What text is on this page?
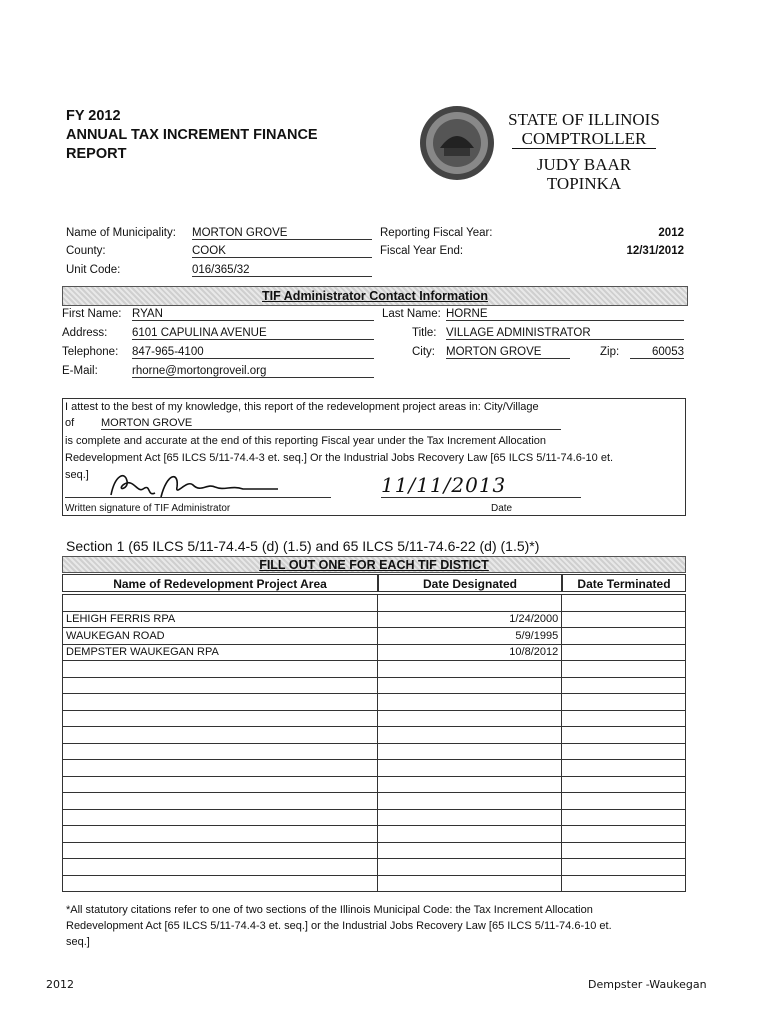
FY 2012
ANNUAL TAX INCREMENT FINANCE
REPORT
STATE OF ILLINOIS
COMPTROLLER
JUDY BAAR TOPINKA
Name of Municipality: MORTON GROVE
County:	COOK
Unit Code:	016/365/32
Reporting Fiscal Year:	2012
Fiscal Year End:	12/31/2012
TIF Administrator Contact Information
First Name: RYAN	Last Name: HORNE
Address: 6101 CAPULINA AVENUE	Title: VILLAGE ADMINISTRATOR
Telephone: 847-965-4100	City: MORTON GROVE	Zip:	60053
E-Mail:	rhorne@mortongroveil.org
I attest to the best of my knowledge, this report of the redevelopment project areas in: City/Village
of MORTON GROVE
is complete and accurate at the end of this reporting Fiscal year under the Tax Increment Allocation
Redevelopment Act [65 ILCS 5/11-74.4-3 et. seq.] Or the Industrial Jobs Recovery Law [65 ILCS 5/11-74.6-10 et.
seq.]	11/11/2013
Written signature of TIF Administrator	Date
Section 1 (65 ILCS 5/11-74.4-5 (d) (1.5) and 65 ILCS 5/11-74.6-22 (d) (1.5)*)
FILL OUT ONE FOR EACH TIF DISTICT
Name of Redevelopment Project Area	Date Designated	Date Terminated

LEHIGH FERRIS RPA	1/24/2000	
WAUKEGAN ROAD	5/9/1995	
DEMPSTER WAUKEGAN RPA	10/8/2012	

*All statutory citations refer to one of two sections of the Illinois Municipal Code: the Tax Increment Allocation
Redevelopment Act [65 ILCS 5/11-74.4-3 et. seq.] or the Industrial Jobs Recovery Law [65 ILCS 5/11-74.6-10 et.
seq.]
2012	Dempster -Waukegan
